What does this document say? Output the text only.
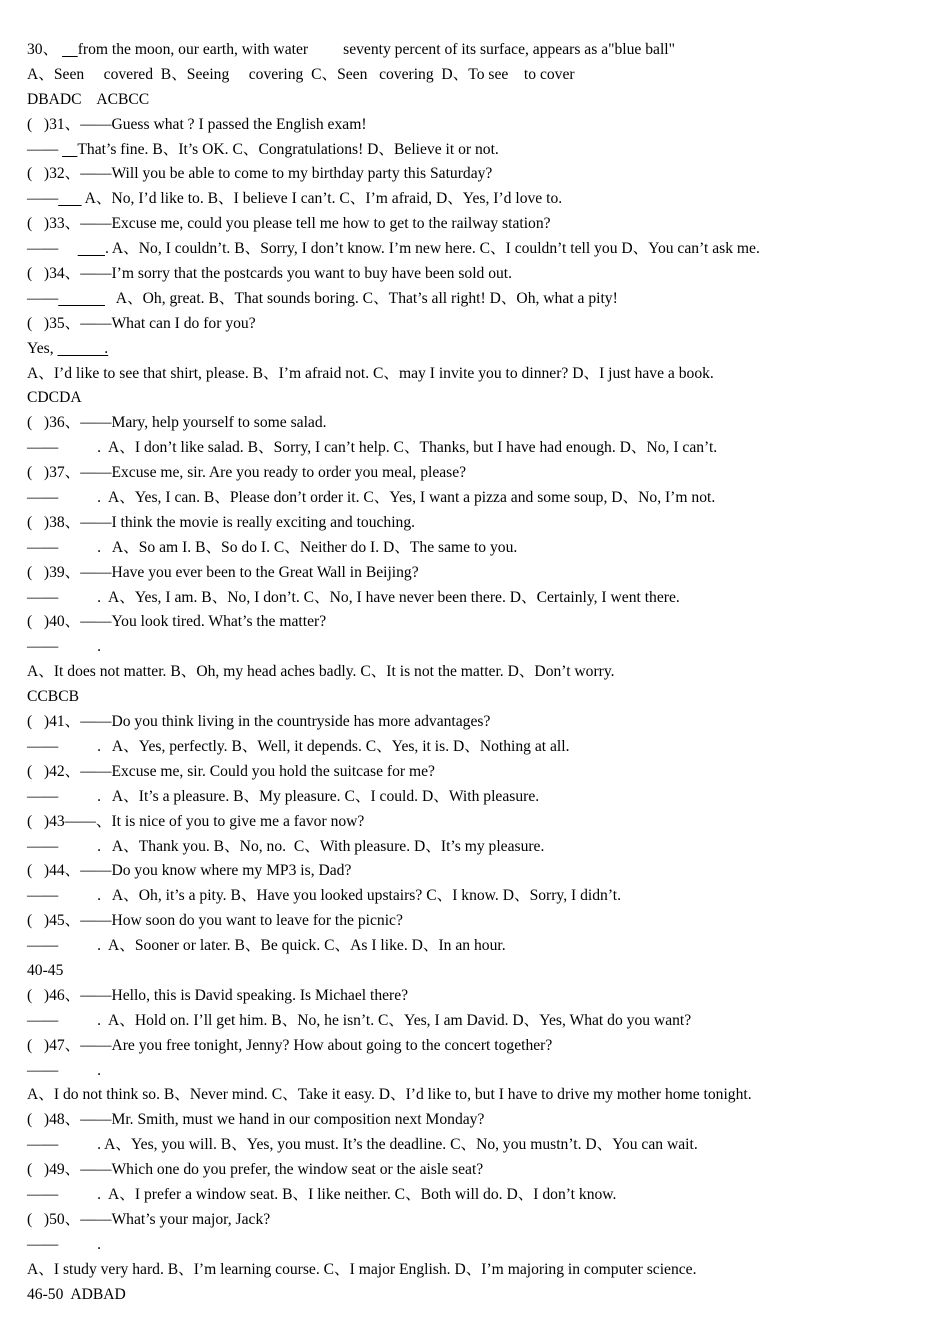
30、     from the moon, our earth, with water         seventy percent of its surface, appears as a"blue ball"
A、Seen     covered  B、Seeing     covering  C、Seen   covering  D、To see    to cover
DBADC    ACBCC
(   )31、——Guess what ? I passed the English exam!
——     That’s fine. B、It’s OK. C、Congratulations! D、Believe it or not.
(   )32、——Will you be able to come to my birthday party this Saturday?
——       A、No, I’d like to. B、I believe I can’t. C、I’m afraid, D、Yes, I’d love to.
(   )33、——Excuse me, could you please tell me how to get to the railway station?
——            . A、No, I couldn’t. B、Sorry, I don’t know. I’m new here. C、I couldn’t tell you D、You can’t ask me.
(   )34、——I’m sorry that the postcards you want to buy have been sold out.
——	A、Oh, great. B、That sounds boring. C、That’s all right! D、Oh, what a pity!
(   )35、——What can I do for you?
Yes,             .
A、I’d like to see that shirt, please. B、I’m afraid not. C、may I invite you to dinner? D、I just have a book.
CDCDA
(   )36、——Mary, help yourself to some salad.
——          .  A、I don’t like salad. B、Sorry, I can’t help. C、Thanks, but I have had enough. D、No, I can’t.
(   )37、——Excuse me, sir. Are you ready to order you meal, please?
——          .  A、Yes, I can. B、Please don’t order it. C、Yes, I want a pizza and some soup, D、No, I’m not.
(   )38、——I think the movie is really exciting and touching.
——          .   A、So am I. B、So do I. C、Neither do I. D、The same to you.
(   )39、——Have you ever been to the Great Wall in Beijing?
——          .  A、Yes, I am. B、No, I don’t. C、No, I have never been there. D、Certainly, I went there.
(   )40、——You look tired. What’s the matter?
——          .
A、It does not matter. B、Oh, my head aches badly. C、It is not the matter. D、Don’t worry.
CCBCB
(   )41、——Do you think living in the countryside has more advantages?
——          .   A、Yes, perfectly. B、Well, it depends. C、Yes, it is. D、Nothing at all.
(   )42、——Excuse me, sir. Could you hold the suitcase for me?
——          .   A、It’s a pleasure. B、My pleasure. C、I could. D、With pleasure.
(   )43——、It is nice of you to give me a favor now?
——          .   A、Thank you. B、No, no.  C、With pleasure. D、It’s my pleasure.
(   )44、——Do you know where my MP3 is, Dad?
——          .   A、Oh, it’s a pity. B、Have you looked upstairs? C、I know. D、Sorry, I didn’t.
(   )45、——How soon do you want to leave for the picnic?
——          .  A、Sooner or later. B、Be quick. C、As I like. D、In an hour.
40-45
(   )46、——Hello, this is David speaking. Is Michael there?
——          .  A、Hold on. I’ll get him. B、No, he isn’t. C、Yes, I am David. D、Yes, What do you want?
(   )47、——Are you free tonight, Jenny? How about going to the concert together?
——          .
A、I do not think so. B、Never mind. C、Take it easy. D、I’d like to, but I have to drive my mother home tonight.
(   )48、——Mr. Smith, must we hand in our composition next Monday?
——          . A、Yes, you will. B、Yes, you must. It’s the deadline. C、No, you mustn’t. D、You can wait.
(   )49、——Which one do you prefer, the window seat or the aisle seat?
——          .  A、I prefer a window seat. B、I like neither. C、Both will do. D、I don’t know.
(   )50、——What’s your major, Jack?
——          .
A、I study very hard. B、I’m learning course. C、I major English. D、I’m majoring in computer science.
46-50  ADBAD
